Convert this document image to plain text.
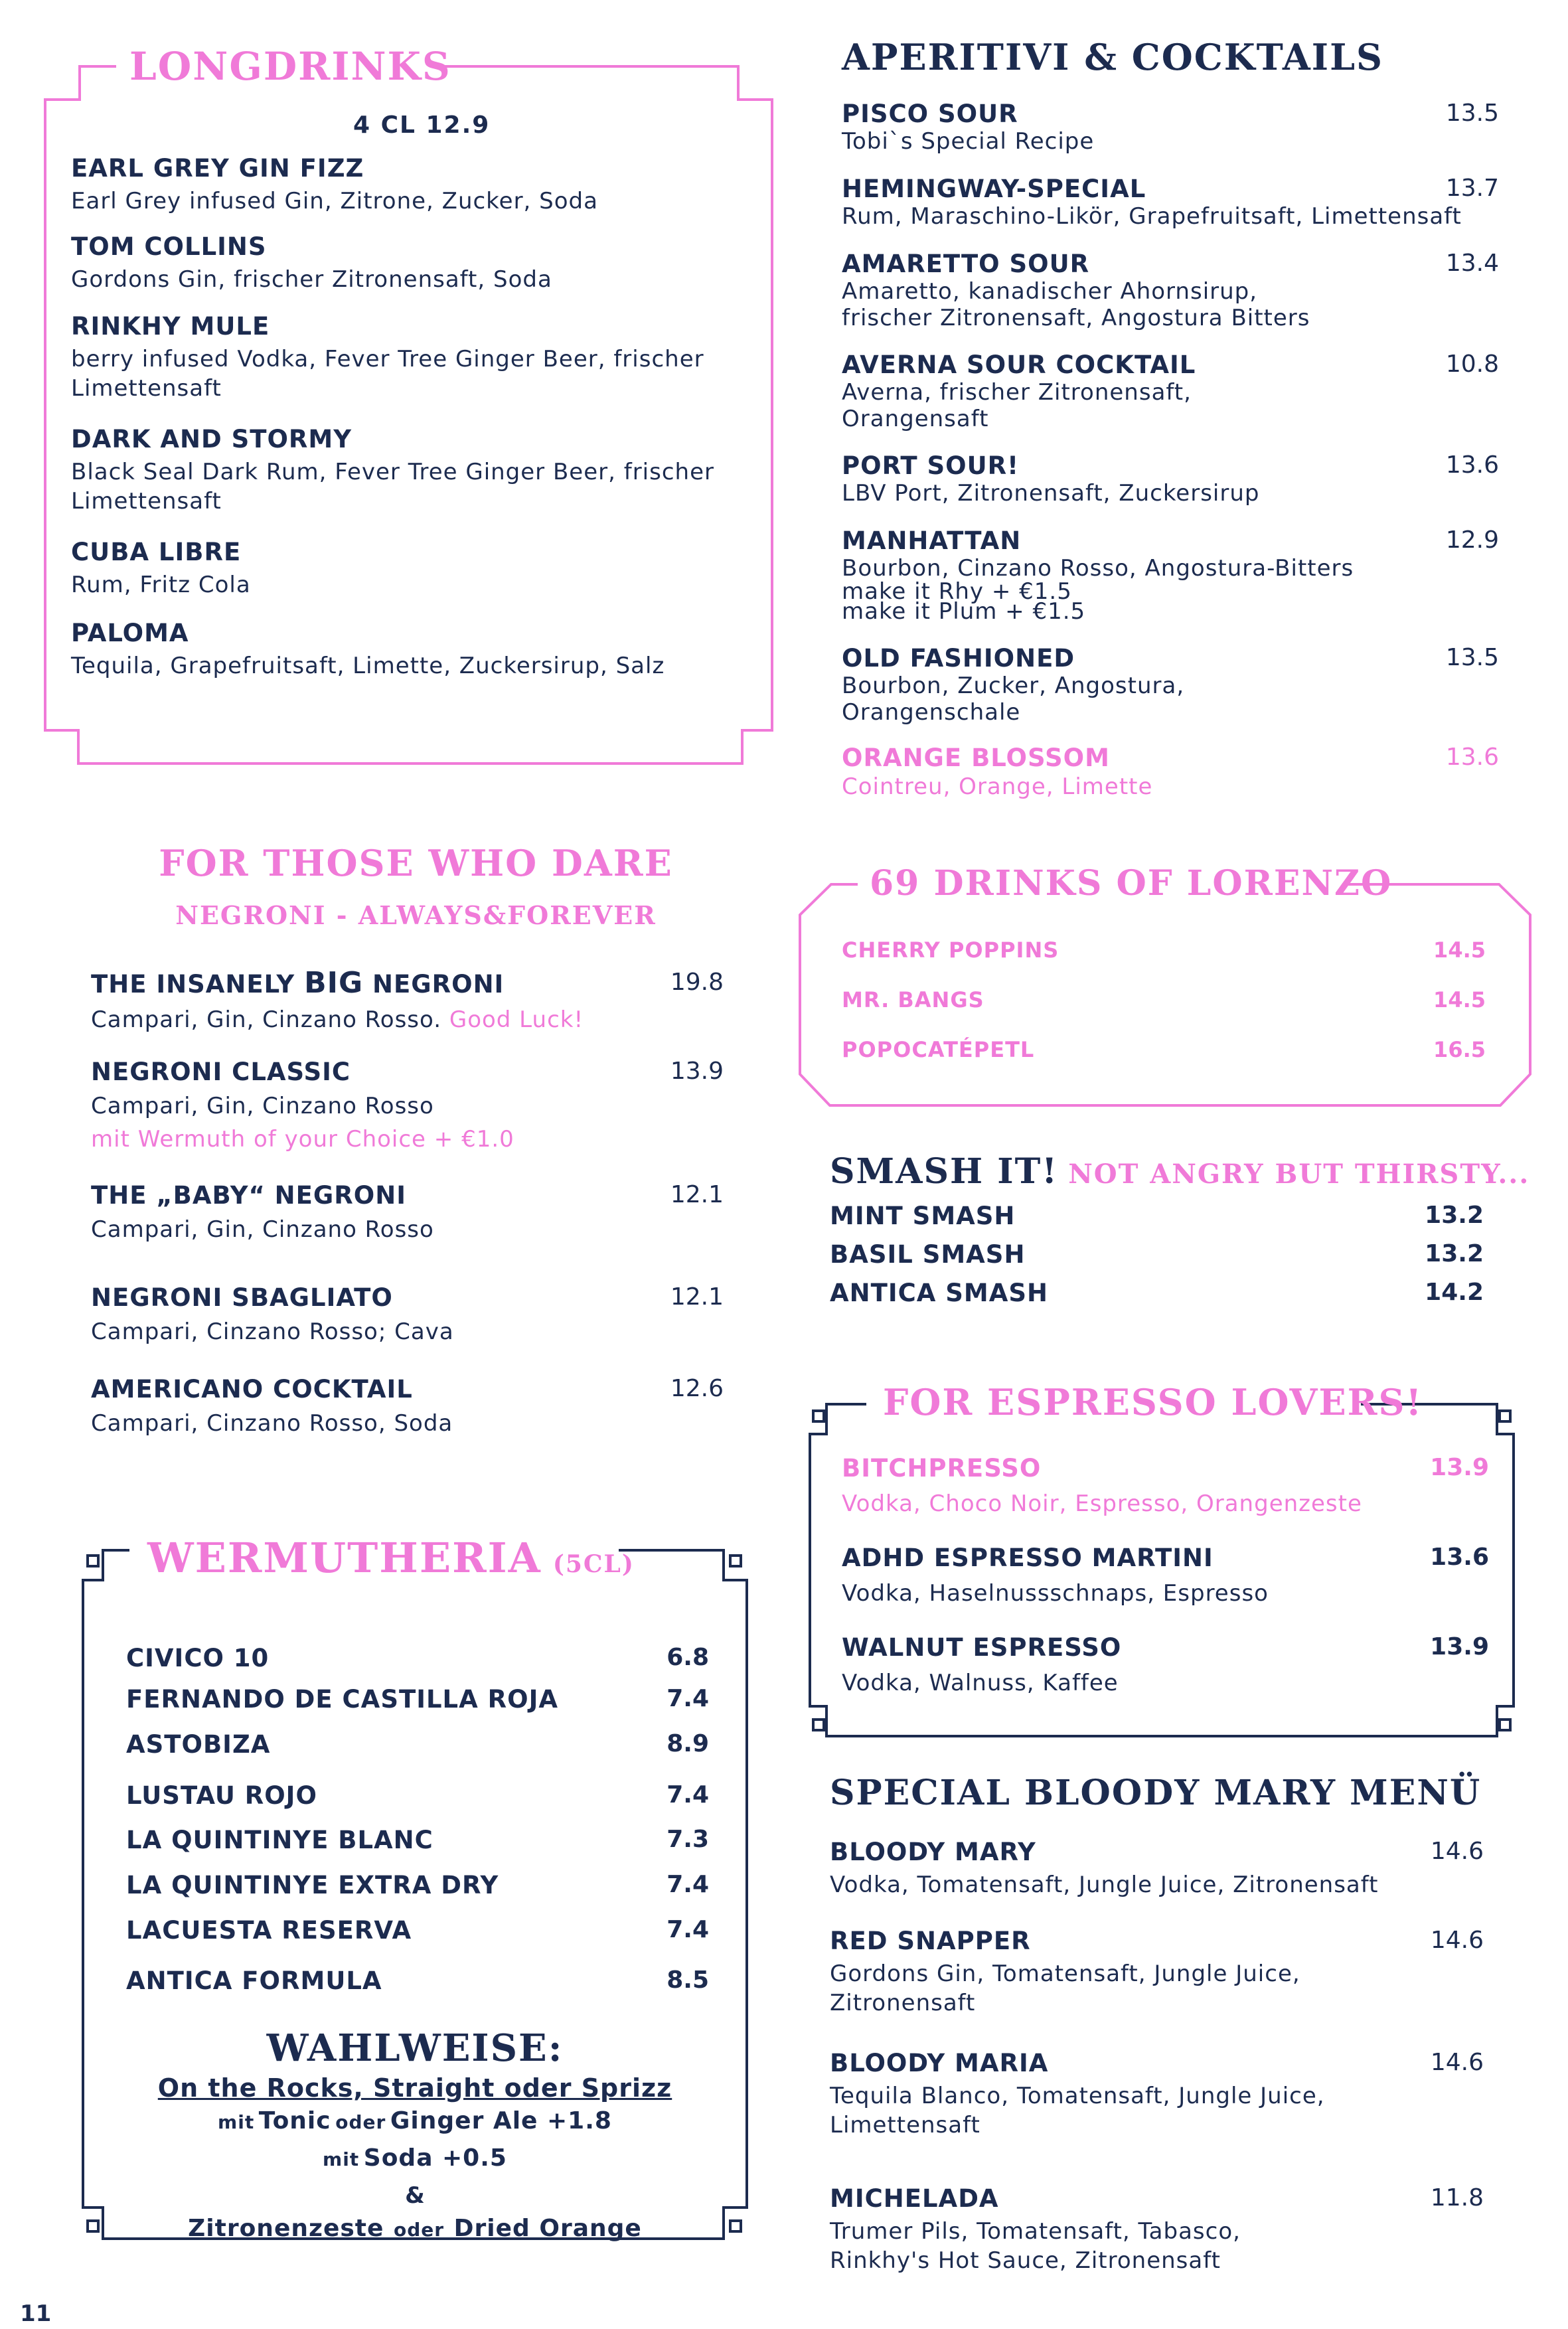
LONGDRINKS
4 CL 12.9
EARL GREY GIN FIZZ
Earl Grey infused Gin, Zitrone, Zucker, Soda
TOM COLLINS
Gordons Gin, frischer Zitronensaft, Soda
RINKHY MULE
berry infused Vodka, Fever Tree Ginger Beer, frischer
Limettensaft
DARK AND STORMY
Black Seal Dark Rum, Fever Tree Ginger Beer, frischer
Limettensaft
CUBA LIBRE
Rum, Fritz Cola
PALOMA
Tequila, Grapefruitsaft, Limette, Zuckersirup, Salz
APERITIVI & COCKTAILS
PISCO SOUR	13.5
Tobi`s Special Recipe
HEMINGWAY-SPECIAL	13.7
Rum, Maraschino-Likör, Grapefruitsaft, Limettensaft
AMARETTO SOUR	13.4
Amaretto, kanadischer Ahornsirup,
frischer Zitronensaft, Angostura Bitters
AVERNA SOUR COCKTAIL	10.8
Averna, frischer Zitronensaft,
Orangensaft
PORT SOUR!	13.6
LBV Port, Zitronensaft, Zuckersirup
MANHATTAN	12.9
Bourbon, Cinzano Rosso, Angostura-Bitters
make it Rhy + €1.5
make it Plum + €1.5
OLD FASHIONED	13.5
Bourbon, Zucker, Angostura,
Orangenschale
ORANGE BLOSSOM	13.6
Cointreu, Orange, Limette
FOR THOSE WHO DARE
NEGRONI - ALWAYS&FOREVER
THE INSANELY BIG NEGRONI	19.8
Campari, Gin, Cinzano Rosso. Good Luck!
NEGRONI CLASSIC	13.9
Campari, Gin, Cinzano Rosso
mit Wermuth of your Choice + €1.0
THE „BABY“ NEGRONI	12.1
Campari, Gin, Cinzano Rosso
NEGRONI SBAGLIATO	12.1
Campari, Cinzano Rosso; Cava
AMERICANO COCKTAIL	12.6
Campari, Cinzano Rosso, Soda
69 DRINKS OF LORENZO
CHERRY POPPINS	14.5
MR. BANGS	14.5
POPOCATÉPETL	16.5
SMASH IT! NOT ANGRY BUT THIRSTY...
MINT SMASH	13.2
BASIL SMASH	13.2
ANTICA SMASH	14.2
FOR ESPRESSO LOVERS!
BITCHPRESSO	13.9
Vodka, Choco Noir, Espresso, Orangenzeste
ADHD ESPRESSO MARTINI	13.6
Vodka, Haselnussschnaps, Espresso
WALNUT ESPRESSO	13.9
Vodka, Walnuss, Kaffee
WERMUTHERIA (5CL)
CIVICO 10	6.8
FERNANDO DE CASTILLA ROJA	7.4
ASTOBIZA	8.9
LUSTAU ROJO	7.4
LA QUINTINYE BLANC	7.3
LA QUINTINYE EXTRA DRY	7.4
LACUESTA RESERVA	7.4
ANTICA FORMULA	8.5
WAHLWEISE:
On the Rocks, Straight oder Sprizz
mit Tonic oder Ginger Ale +1.8
mit Soda +0.5
&
Zitronenzeste oder Dried Orange
SPECIAL BLOODY MARY MENÜ
BLOODY MARY	14.6
Vodka, Tomatensaft, Jungle Juice, Zitronensaft
RED SNAPPER	14.6
Gordons Gin, Tomatensaft, Jungle Juice,
Zitronensaft
BLOODY MARIA	14.6
Tequila Blanco, Tomatensaft, Jungle Juice,
Limettensaft
MICHELADA	11.8
Trumer Pils, Tomatensaft, Tabasco,
Rinkhy's Hot Sauce, Zitronensaft
11
